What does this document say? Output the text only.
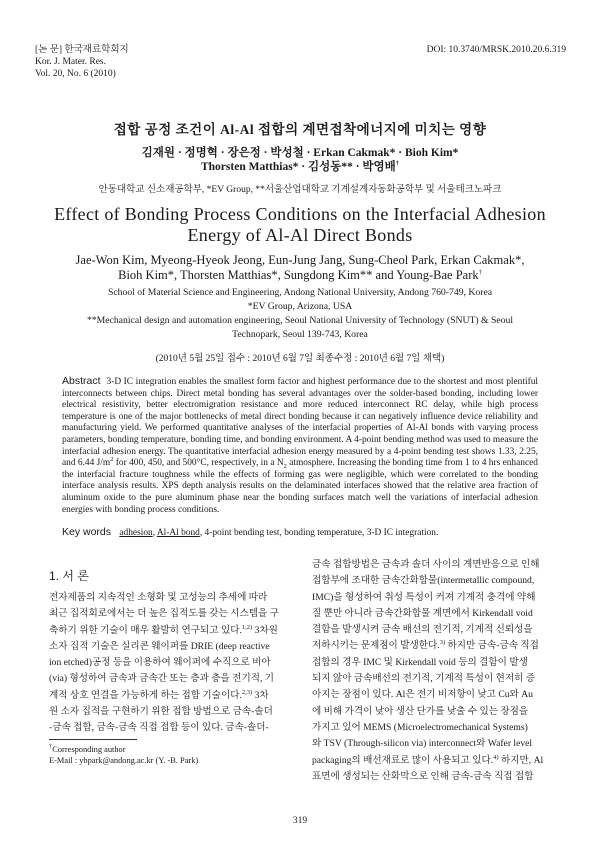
[논 문] 한국재료학회지
Kor. J. Mater. Res.
Vol. 20, No. 6 (2010)
DOI: 10.3740/MRSK.2010.20.6.319
접합 공정 조건이 Al-Al 접합의 계면접착에너지에 미치는 영향
김재원 · 정명혁 · 장은정 · 박성철 · Erkan Cakmak* · Bioh Kim*
Thorsten Matthias* · 김성동** · 박영배†
안동대학교 신소재공학부, *EV Group, **서울산업대학교 기계설계자동화공학부 및 서울테크노파크
Effect of Bonding Process Conditions on the Interfacial Adhesion
Energy of Al-Al Direct Bonds
Jae-Won Kim, Myeong-Hyeok Jeong, Eun-Jung Jang, Sung-Cheol Park, Erkan Cakmak*,
Bioh Kim*, Thorsten Matthias*, Sungdong Kim** and Young-Bae Park†
School of Material Science and Engineering, Andong National University, Andong 760-749, Korea
*EV Group, Arizona, USA
**Mechanical design and automation engineering, Seoul National University of Technology (SNUT) & Seoul
Technopark, Seoul 139-743, Korea
(2010년 5월 25일 접수 : 2010년 6월 7일 최종수정 : 2010년 6월 7일 채택)
Abstract 3-D IC integration enables the smallest form factor and highest performance due to the shortest and most plentiful interconnects between chips. Direct metal bonding has several advantages over the solder-based bonding, including lower electrical resistivity, better electromigration resistance and more reduced interconnect RC delay, while high process temperature is one of the major bottlenecks of metal direct bonding because it can negatively influence device reliability and manufacturing yield. We performed quantitative analyses of the interfacial properties of Al-Al bonds with varying process parameters, bonding temperature, bonding time, and bonding environment. A 4-point bending method was used to measure the interfacial adhesion energy. The quantitative interfacial adhesion energy measured by a 4-point bending test shows 1.33, 2.25, and 6.44 $J/m^2$ for 400, 450, and 500°C, respectively, in a $N_2$ atmosphere. Increasing the bonding time from 1 to 4 hrs enhanced the interfacial fracture toughness while the effects of forming gas were negligible, which were correlated to the bonding interface analysis results. XPS depth analysis results on the delaminated interfaces showed that the relative area fraction of aluminum oxide to the pure aluminum phase near the bonding surfaces match well the variations of interfacial adhesion energies with bonding process conditions.
Key words adhesion, Al-Al bond, 4-point bending test, bonding temperature, 3-D IC integration.
1. 서 론
전자제품의 지속적인 소형화 및 고성능의 추세에 따라
최근 집적회로에서는 더 높은 집적도를 갖는 시스템을 구
축하기 위한 기술이 매우 활발히 연구되고 있다.$^{1,2)}$ 3차원
소자 집적 기술은 실리콘 웨이퍼를 DRIE (deep reactive
ion etched)공정 등을 이용하여 웨이퍼에 수직으로 비아
(via) 형성하여 금속과 금속간 또는 층과 층을 전기적, 기
계적 상호 연결을 가능하게 하는 접합 기술이다.$^{2,3)}$ 3차
원 소자 집적을 구현하기 위한 접합 방법으로 금속-솔더
-금속 접합, 금속-금속 직접 접합 등이 있다. 금속-솔더-
†Corresponding author
E-Mail : ybpark@andong.ac.kr (Y. -B. Park)
금속 접합방법은 금속과 솔더 사이의 계면반응으로 인해
접합부에 조대한 금속간화합물(intermetallic compound,
IMC)을 형성하여 취성 특성이 커져 기계적 충격에 약해
질 뿐만 아니라 금속간화합물 계면에서 Kirkendall void
결함을 발생시켜 금속 배선의 전기적, 기계적 신뢰성을
저하시키는 문제점이 발생한다.$^{3)}$ 하지만 금속-금속 직접
접합의 경우 IMC 및 Kirkendall void 등의 결함이 발생
되지 않아 금속배선의 전기적, 기계적 특성이 현저히 증
아지는 장점이 있다. Al은 전기 비저항이 낮고 Cu와 Au
에 비해 가격이 낮아 생산 단가를 낮출 수 있는 장점을
가지고 있어 MEMS (Microelectromechanical Systems)
와 TSV (Through-silicon via) interconnect와 Wafer level
packaging의 배선재료로 많이 사용되고 있다.$^{4)}$ 하지만, Al
표면에 생성되는 산화막으로 인해 금속-금속 직접 접합
319
